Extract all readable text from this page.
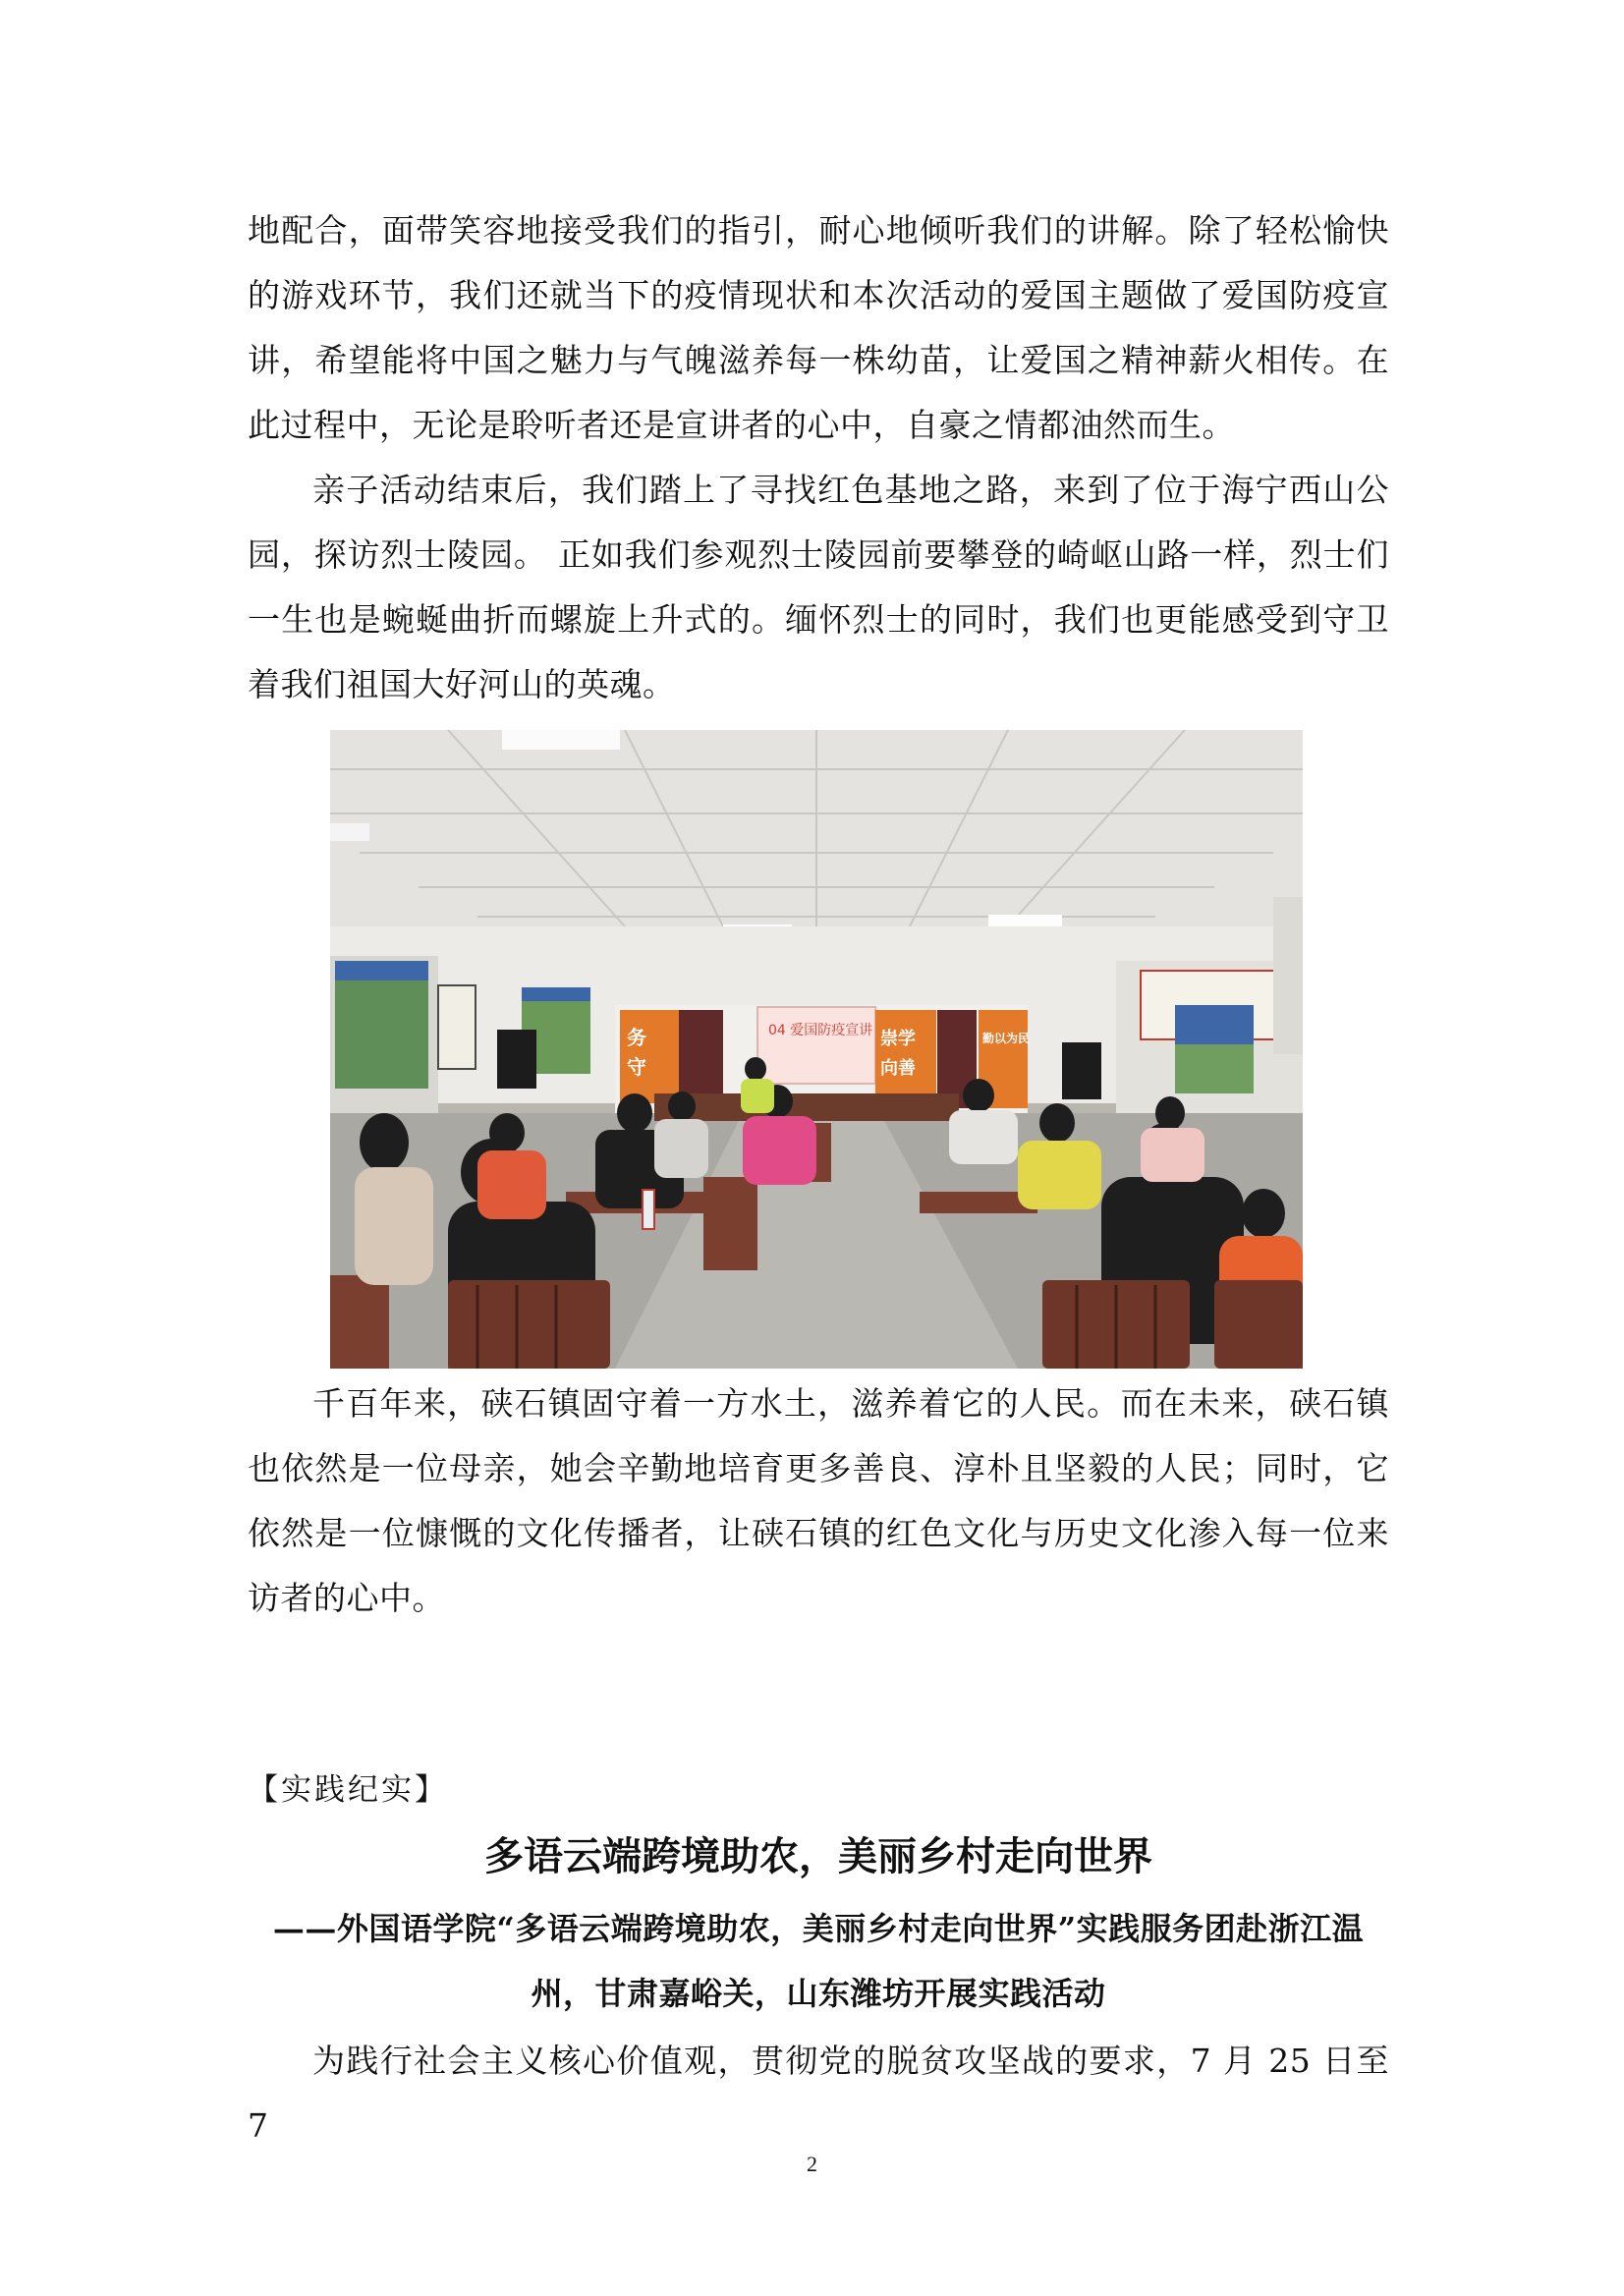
地配合，面带笑容地接受我们的指引，耐心地倾听我们的讲解。除了轻松愉快的游戏环节，我们还就当下的疫情现状和本次活动的爱国主题做了爱国防疫宣讲，希望能将中国之魅力与气魄滋养每一株幼苗，让爱国之精神薪火相传。在此过程中，无论是聆听者还是宣讲者的心中，自豪之情都油然而生。

亲子活动结束后，我们踏上了寻找红色基地之路，来到了位于海宁西山公园，探访烈士陵园。 正如我们参观烈士陵园前要攀登的崎岖山路一样，烈士们一生也是蜿蜒曲折而螺旋上升式的。缅怀烈士的同时，我们也更能感受到守卫着我们祖国大好河山的英魂。

务
守
04 爱国防疫宣讲 崇学
向善
勤以为民

千百年来，硖石镇固守着一方水土，滋养着它的人民。而在未来，硖石镇也依然是一位母亲，她会辛勤地培育更多善良、淳朴且坚毅的人民；同时，它依然是一位慷慨的文化传播者，让硖石镇的红色文化与历史文化渗入每一位来访者的心中。

【实践纪实】
多语云端跨境助农，美丽乡村走向世界
——外国语学院“多语云端跨境助农，美丽乡村走向世界”实践服务团赴浙江温州，甘肃嘉峪关，山东潍坊开展实践活动

为践行社会主义核心价值观，贯彻党的脱贫攻坚战的要求，7 月 25 日至 7

2
